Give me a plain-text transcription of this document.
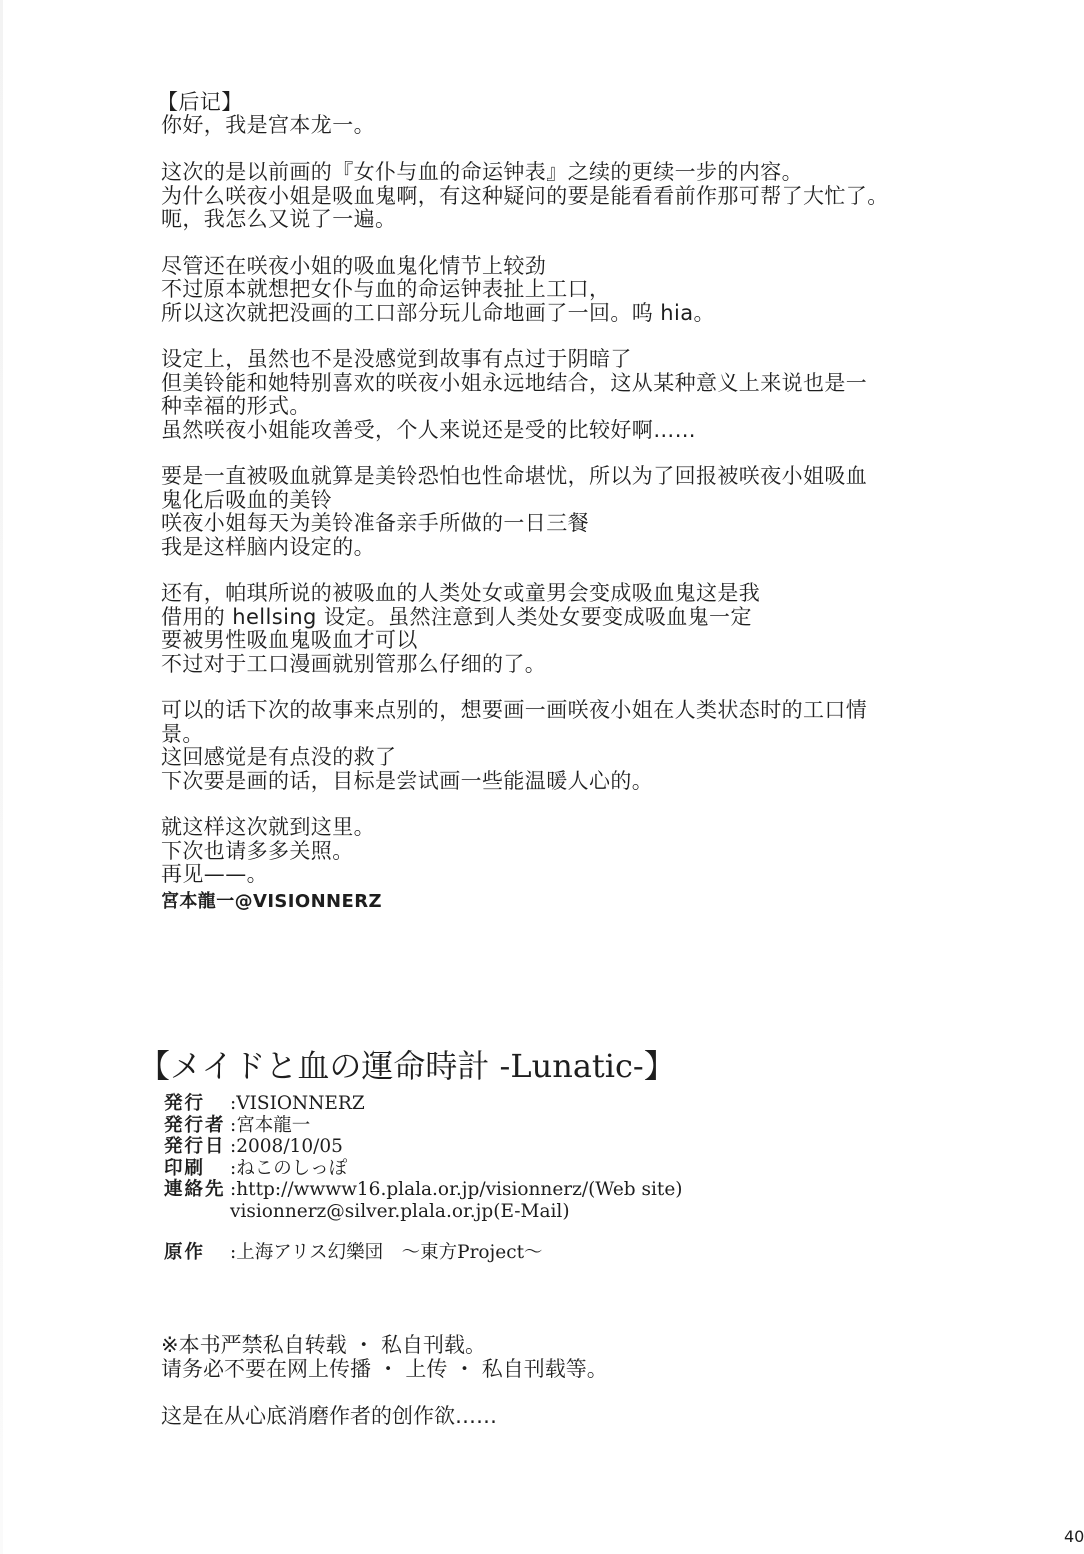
【后记】
你好，我是宫本龙一。
这次的是以前画的『女仆与血的命运钟表』之续的更续一步的内容。
为什么咲夜小姐是吸血鬼啊，有这种疑问的要是能看看前作那可帮了大忙了。
呃，我怎么又说了一遍。
尽管还在咲夜小姐的吸血鬼化情节上较劲
不过原本就想把女仆与血的命运钟表扯上工口，
所以这次就把没画的工口部分玩儿命地画了一回。呜 hia。
设定上，虽然也不是没感觉到故事有点过于阴暗了
但美铃能和她特别喜欢的咲夜小姐永远地结合，这从某种意义上来说也是一
种幸福的形式。
虽然咲夜小姐能攻善受，个人来说还是受的比较好啊……
要是一直被吸血就算是美铃恐怕也性命堪忧，所以为了回报被咲夜小姐吸血
鬼化后吸血的美铃
咲夜小姐每天为美铃准备亲手所做的一日三餐
我是这样脑内设定的。
还有，帕琪所说的被吸血的人类处女或童男会变成吸血鬼这是我
借用的 hellsing 设定。虽然注意到人类处女要变成吸血鬼一定
要被男性吸血鬼吸血才可以
不过对于工口漫画就别管那么仔细的了。
可以的话下次的故事来点别的，想要画一画咲夜小姐在人类状态时的工口情
景。
这回感觉是有点没的救了
下次要是画的话，目标是尝试画一些能温暖人心的。
就这样这次就到这里。
下次也请多多关照。
再见——。
宮本龍一@VISIONNERZ
【メイドと血の運命時計 -Lunatic-】
発行	:VISIONNERZ
発行者 :宮本龍一
発行日 :2008/10/05
印刷	:ねこのしっぽ
連絡先 :http://wwww16.plala.or.jp/visionnerz/(Web site)
visionnerz@silver.plala.or.jp(E-Mail)
原作	:上海アリス幻樂団　～東方Project～
※本书严禁私自转载 ・ 私自刊载。
请务必不要在网上传播 ・ 上传 ・ 私自刊载等。
这是在从心底消磨作者的创作欲……
40
